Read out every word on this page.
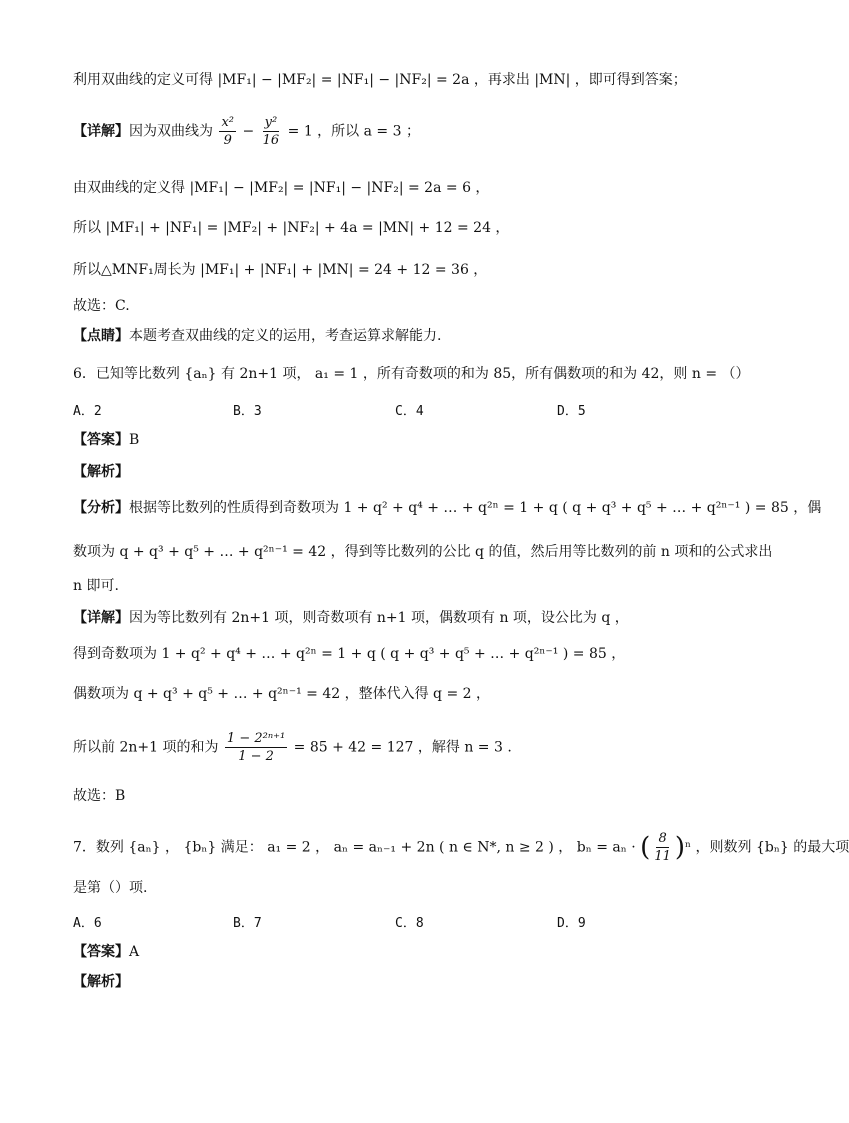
利用双曲线的定义可得 |MF₁| − |MF₂| = |NF₁| − |NF₂| = 2a ，再求出 |MN| ，即可得到答案；
【详解】因为双曲线为 $\frac{\text{x²}}{9} - \frac{\text{y²}}{16} = 1$ ，所以 a = 3 ；
由双曲线的定义得 |MF₁| − |MF₂| = |NF₁| − |NF₂| = 2a = 6 ，
所以 |MF₁| + |NF₁| = |MF₂| + |NF₂| + 4a = |MN| + 12 = 24 ，
所以△MNF₁周长为 |MF₁| + |NF₁| + |MN| = 24 + 12 = 36 ，
故选：C.
【点睛】本题考查双曲线的定义的运用，考查运算求解能力.
6．已知等比数列 {aₙ} 有 2n+1 项， a₁ = 1 ，所有奇数项的和为 85，所有偶数项的和为 42，则 n = （）
A．2	B．3	C．4	D．5
【答案】B
【解析】
【分析】根据等比数列的性质得到奇数项为 1 + q² + q⁴ + … + q²ⁿ = 1 + q ( q + q³ + q⁵ + … + q²ⁿ⁻¹ ) = 85 ，偶
数项为 q + q³ + q⁵ + … + q²ⁿ⁻¹ = 42 ，得到等比数列的公比 q 的值，然后用等比数列的前 n 项和的公式求出
n 即可.
【详解】因为等比数列有 2n+1 项，则奇数项有 n+1 项，偶数项有 n 项，设公比为 q ，
得到奇数项为 1 + q² + q⁴ + … + q²ⁿ = 1 + q ( q + q³ + q⁵ + … + q²ⁿ⁻¹ ) = 85 ，
偶数项为 q + q³ + q⁵ + … + q²ⁿ⁻¹ = 42 ，整体代入得 q = 2 ，
所以前 2n+1 项的和为 $\frac{\text{1 − 2²ⁿ⁺¹}}{1 - 2} = 85 + 42 = 127$ ，解得 n = 3 .
故选：B
7．数列 {aₙ} ， {bₙ} 满足： a₁ = 2 ， aₙ = aₙ₋₁ + 2n ( n ∈ N*, n ≥ 2 ) ， bₙ = aₙ · ( $\frac{8}{11} )^n$ ，则数列 {bₙ} 的最大项
是第（）项.
A．6	B．7	C．8	D．9
【答案】A
【解析】
